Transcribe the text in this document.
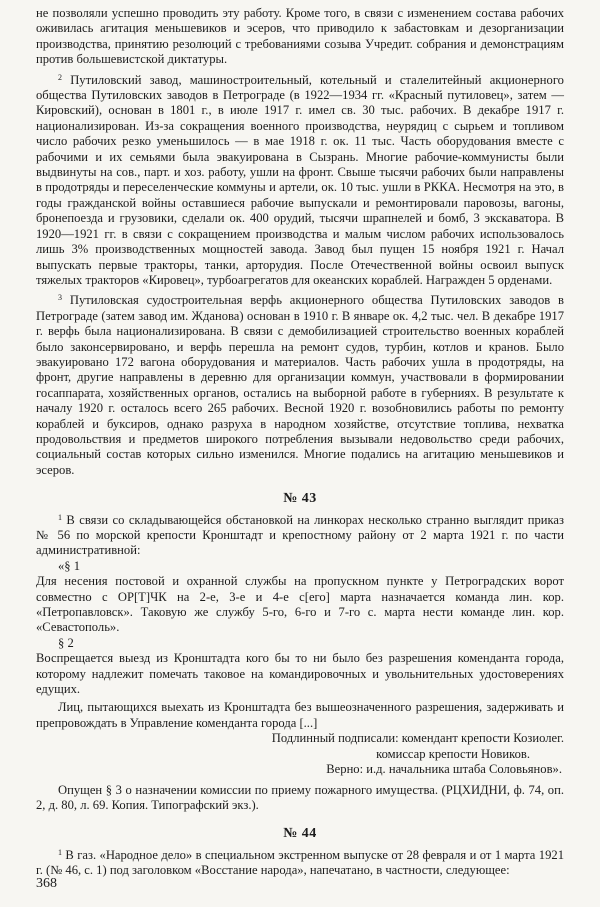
не позволяли успешно проводить эту работу. Кроме того, в связи с изменением состава рабочих оживилась агитация меньшевиков и эсеров, что приводило к забастовкам и дезорганизации производства, принятию резолюций с требованиями созыва Учредит. собрания и демонстрациям против большевистской диктатуры.

$^2$ Путиловский завод, машиностроительный, котельный и сталелитейный акционерного общества Путиловских заводов в Петрограде (в 1922—1934 гг. «Красный путиловец», затем — Кировский), основан в 1801 г., в июле 1917 г. имел св. 30 тыс. рабочих. В декабре 1917 г. национализирован. Из-за сокращения военного производства, неурядиц с сырьем и топливом число рабочих резко уменьшилось — в мае 1918 г. ок. 11 тыс. Часть оборудования вместе с рабочими и их семьями была эвакуирована в Сызрань. Многие рабочие-коммунисты были выдвинуты на сов., парт. и хоз. работу, ушли на фронт. Свыше тысячи рабочих были направлены в продотряды и переселенческие коммуны и артели, ок. 10 тыс. ушли в РККА. Несмотря на это, в годы гражданской войны оставшиеся рабочие выпускали и ремонтировали паровозы, вагоны, бронепоезда и грузовики, сделали ок. 400 орудий, тысячи шрапнелей и бомб, 3 экскаватора. В 1920—1921 гг. в связи с сокращением производства и малым числом рабочих использовалось лишь 3% производственных мощностей завода. Завод был пущен 15 ноября 1921 г. Начал выпускать первые тракторы, танки, арторудия. После Отечественной войны освоил выпуск тяжелых тракторов «Кировец», турбоагрегатов для океанских кораблей. Награжден 5 орденами.

$^3$ Путиловская судостроительная верфь акционерного общества Путиловских заводов в Петрограде (затем завод им. Жданова) основан в 1910 г. В январе ок. 4,2 тыс. чел. В декабре 1917 г. верфь была национализирована. В связи с демобилизацией строительство военных кораблей было законсервировано, и верфь перешла на ремонт судов, турбин, котлов и кранов. Было эвакуировано 172 вагона оборудования и материалов. Часть рабочих ушла в продотряды, на фронт, другие направлены в деревню для организации коммун, участвовали в формировании госаппарата, хозяйственных органов, остались на выборной работе в губерниях. В результате к началу 1920 г. осталось всего 265 рабочих. Весной 1920 г. возобновились работы по ремонту кораблей и буксиров, однако разруха в народном хозяйстве, отсутствие топлива, нехватка продовольствия и предметов широкого потребления вызывали недовольство среди рабочих, социальный состав которых сильно изменился. Многие подались на агитацию меньшевиков и эсеров.

№ 43

$^1$ В связи со складывающейся обстановкой на линкорах несколько странно выглядит приказ № 56 по морской крепости Кронштадт и крепостному району от 2 марта 1921 г. по части административной:

«§ 1

Для несения постовой и охранной службы на пропускном пункте у Петроградских ворот совместно с ОР[Т]ЧК на 2-е, 3-е и 4-е с[его] марта назначается команда лин. кор. «Петропавловск». Таковую же службу 5-го, 6-го и 7-го с. марта нести команде лин. кор. «Севастополь».

§ 2

Воспрещается выезд из Кронштадта кого бы то ни было без разрешения коменданта города, которому надлежит помечать таковое на командировочных и увольнительных удостоверениях едущих.

Лиц, пытающихся выехать из Кронштадта без вышеозначенного разрешения, задерживать и препровождать в Управление коменданта города [...]

Подлинный подписали: комендант крепости Козиолег.

комиссар крепости Новиков.

Верно: и.д. начальника штаба Соловьянов».

Опущен § 3 о назначении комиссии по приему пожарного имущества. (РЦХИДНИ, ф. 74, оп. 2, д. 80, л. 69. Копия. Типографский экз.).

№ 44

$^1$ В газ. «Народное дело» в специальном экстренном выпуске от 28 февраля и от 1 марта 1921 г. (№ 46, с. 1) под заголовком «Восстание народа», напечатано, в частности, следующее:

368
